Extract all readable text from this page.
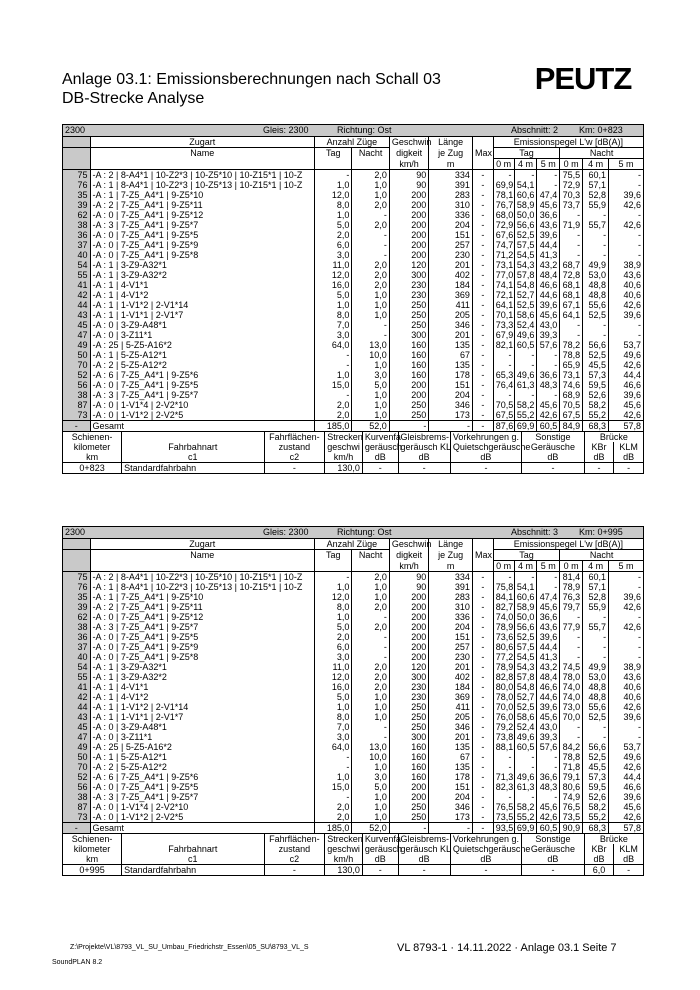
Anlage 03.1: Emissionsberechnungen nach Schall 03
DB-Strecke Analyse
PEUTZ
2300	Gleis: 2300	Richtung: Ost	Abschnitt: 2 Km: 0+823
	Zugart	Anzahl Züge		Geschwin	Länge		Emissionspegel L'w [dB(A)]					
	Name	Tag	Nacht	digkeit	je Zug	Max	Tag			Nacht		
				km/h	m		0 m	4 m	5 m	0 m	4 m	5 m
75	-A : 2 | 8-A4*1 | 10-Z2*3 | 10-Z5*10 | 10-Z15*1 | 10-Z	-	2,0	90	334	-	-	-	-	75,5	60,1	-
76	-A : 1 | 8-A4*1 | 10-Z2*3 | 10-Z5*13 | 10-Z15*1 | 10-Z	1,0	1,0	90	391	-	69,9	54,1	-	72,9	57,1	-
35	-A : 1 | 7-Z5_A4*1 | 9-Z5*10	12,0	1,0	200	283	-	78,1	60,6	47,4	70,3	52,8	39,6
39	-A : 2 | 7-Z5_A4*1 | 9-Z5*11	8,0	2,0	200	310	-	76,7	58,9	45,6	73,7	55,9	42,6
62	-A : 0 | 7-Z5_A4*1 | 9-Z5*12	1,0	-	200	336	-	68,0	50,0	36,6	-	-	-
38	-A : 3 | 7-Z5_A4*1 | 9-Z5*7	5,0	2,0	200	204	-	72,9	56,6	43,6	71,9	55,7	42,6
36	-A : 0 | 7-Z5_A4*1 | 9-Z5*5	2,0	-	200	151	-	67,6	52,5	39,6	-	-	-
37	-A : 0 | 7-Z5_A4*1 | 9-Z5*9	6,0	-	200	257	-	74,7	57,5	44,4	-	-	-
40	-A : 0 | 7-Z5_A4*1 | 9-Z5*8	3,0	-	200	230	-	71,2	54,5	41,3	-	-	-
54	-A : 1 | 3-Z9-A32*1	11,0	2,0	120	201	-	73,1	54,3	43,2	68,7	49,9	38,9
55	-A : 1 | 3-Z9-A32*2	12,0	2,0	300	402	-	77,0	57,8	48,4	72,8	53,0	43,6
41	-A : 1 | 4-V1*1	16,0	2,0	230	184	-	74,1	54,8	46,6	68,1	48,8	40,6
42	-A : 1 | 4-V1*2	5,0	1,0	230	369	-	72,1	52,7	44,6	68,1	48,8	40,6
44	-A : 1 | 1-V1*2 | 2-V1*14	1,0	1,0	250	411	-	64,1	52,5	39,6	67,1	55,6	42,6
43	-A : 1 | 1-V1*1 | 2-V1*7	8,0	1,0	250	205	-	70,1	58,6	45,6	64,1	52,5	39,6
45	-A : 0 | 3-Z9-A48*1	7,0	-	250	346	-	73,3	52,4	43,0	-	-	-
47	-A : 0 | 3-Z11*1	3,0	-	300	201	-	67,9	49,6	39,3	-	-	-
49	-A : 25 | 5-Z5-A16*2	64,0	13,0	160	135	-	82,1	60,5	57,6	78,2	56,6	53,7
50	-A : 1 | 5-Z5-A12*1	-	10,0	160	67	-	-	-	-	78,8	52,5	49,6
70	-A : 2 | 5-Z5-A12*2	-	1,0	160	135	-	-	-	-	65,9	45,5	42,6
52	-A : 6 | 7-Z5_A4*1 | 9-Z5*6	1,0	3,0	160	178	-	65,3	49,6	36,6	73,1	57,3	44,4
56	-A : 0 | 7-Z5_A4*1 | 9-Z5*5	15,0	5,0	200	151	-	76,4	61,3	48,3	74,6	59,5	46,6
38	-A : 3 | 7-Z5_A4*1 | 9-Z5*7	-	1,0	200	204	-	-	-	-	68,9	52,6	39,6
87	-A : 0 | 1-V1*4 | 2-V2*10	2,0	1,0	250	346	-	70,5	58,2	45,6	70,5	58,2	45,6
73	-A : 0 | 1-V1*2 | 2-V2*5	2,0	1,0	250	173	-	67,5	55,2	42,6	67,5	55,2	42,6
-	Gesamt	185,0	52,0	-	-	-	87,6	69,9	60,5	84,9	68,3	57,8
Schienen-		Fahrflächen-	Strecken	Kurvenfa	Gleisbrems-	Vorkehrungen g.	Sonstige	Brücke	
kilometer	Fahrbahnart	zustand	geschwi	geräusch	geräusch KL	Quietschgeräusche	Geräusche	KBr	KLM
km	c1	c2	km/h	dB	dB	dB	dB	dB	dB
0+823	Standardfahrbahn	-	130,0	-	-	-	-	-	-
2300	Gleis: 2300	Richtung: Ost	Abschnitt: 3 Km: 0+995
	Zugart	Anzahl Züge		Geschwin	Länge		Emissionspegel L'w [dB(A)]					
	Name	Tag	Nacht	digkeit	je Zug	Max	Tag			Nacht		
				km/h	m		0 m	4 m	5 m	0 m	4 m	5 m
75	-A : 2 | 8-A4*1 | 10-Z2*3 | 10-Z5*10 | 10-Z15*1 | 10-Z	-	2,0	90	334	-	-	-	-	81,4	60,1	-
76	-A : 1 | 8-A4*1 | 10-Z2*3 | 10-Z5*13 | 10-Z15*1 | 10-Z	1,0	1,0	90	391	-	75,8	54,1	-	78,9	57,1	-
35	-A : 1 | 7-Z5_A4*1 | 9-Z5*10	12,0	1,0	200	283	-	84,1	60,6	47,4	76,3	52,8	39,6
39	-A : 2 | 7-Z5_A4*1 | 9-Z5*11	8,0	2,0	200	310	-	82,7	58,9	45,6	79,7	55,9	42,6
62	-A : 0 | 7-Z5_A4*1 | 9-Z5*12	1,0	-	200	336	-	74,0	50,0	36,6	-	-	-
38	-A : 3 | 7-Z5_A4*1 | 9-Z5*7	5,0	2,0	200	204	-	78,9	56,6	43,6	77,9	55,7	42,6
36	-A : 0 | 7-Z5_A4*1 | 9-Z5*5	2,0	-	200	151	-	73,6	52,5	39,6	-	-	-
37	-A : 0 | 7-Z5_A4*1 | 9-Z5*9	6,0	-	200	257	-	80,6	57,5	44,4	-	-	-
40	-A : 0 | 7-Z5_A4*1 | 9-Z5*8	3,0	-	200	230	-	77,2	54,5	41,3	-	-	-
54	-A : 1 | 3-Z9-A32*1	11,0	2,0	120	201	-	78,9	54,3	43,2	74,5	49,9	38,9
55	-A : 1 | 3-Z9-A32*2	12,0	2,0	300	402	-	82,8	57,8	48,4	78,0	53,0	43,6
41	-A : 1 | 4-V1*1	16,0	2,0	230	184	-	80,0	54,8	46,6	74,0	48,8	40,6
42	-A : 1 | 4-V1*2	5,0	1,0	230	369	-	78,0	52,7	44,6	74,0	48,8	40,6
44	-A : 1 | 1-V1*2 | 2-V1*14	1,0	1,0	250	411	-	70,0	52,5	39,6	73,0	55,6	42,6
43	-A : 1 | 1-V1*1 | 2-V1*7	8,0	1,0	250	205	-	76,0	58,6	45,6	70,0	52,5	39,6
45	-A : 0 | 3-Z9-A48*1	7,0	-	250	346	-	79,2	52,4	43,0	-	-	-
47	-A : 0 | 3-Z11*1	3,0	-	300	201	-	73,8	49,6	39,3	-	-	-
49	-A : 25 | 5-Z5-A16*2	64,0	13,0	160	135	-	88,1	60,5	57,6	84,2	56,6	53,7
50	-A : 1 | 5-Z5-A12*1	-	10,0	160	67	-	-	-	-	78,8	52,5	49,6
70	-A : 2 | 5-Z5-A12*2	-	1,0	160	135	-	-	-	-	71,8	45,5	42,6
52	-A : 6 | 7-Z5_A4*1 | 9-Z5*6	1,0	3,0	160	178	-	71,3	49,6	36,6	79,1	57,3	44,4
56	-A : 0 | 7-Z5_A4*1 | 9-Z5*5	15,0	5,0	200	151	-	82,3	61,3	48,3	80,6	59,5	46,6
38	-A : 3 | 7-Z5_A4*1 | 9-Z5*7	-	1,0	200	204	-	-	-	-	74,9	52,6	39,6
87	-A : 0 | 1-V1*4 | 2-V2*10	2,0	1,0	250	346	-	76,5	58,2	45,6	76,5	58,2	45,6
73	-A : 0 | 1-V1*2 | 2-V2*5	2,0	1,0	250	173	-	73,5	55,2	42,6	73,5	55,2	42,6
-	Gesamt	185,0	52,0	-	-	-	93,5	69,9	60,5	90,9	68,3	57,8
Schienen-		Fahrflächen-	Strecken	Kurvenfa	Gleisbrems-	Vorkehrungen g.	Sonstige	Brücke	
kilometer	Fahrbahnart	zustand	geschwi	geräusch	geräusch KL	Quietschgeräusche	Geräusche	KBr	KLM
km	c1	c2	km/h	dB	dB	dB	dB	dB	dB
0+995	Standardfahrbahn	-	130,0	-	-	-	-	6,0	-
Z:\Projekte\VL\8793_VL_SU_Umbau_Friedrichstr_Essen\05_SU\8793_VL_S
SoundPLAN 8.2
VL 8793-1 · 14.11.2022 · Anlage 03.1 Seite 7
